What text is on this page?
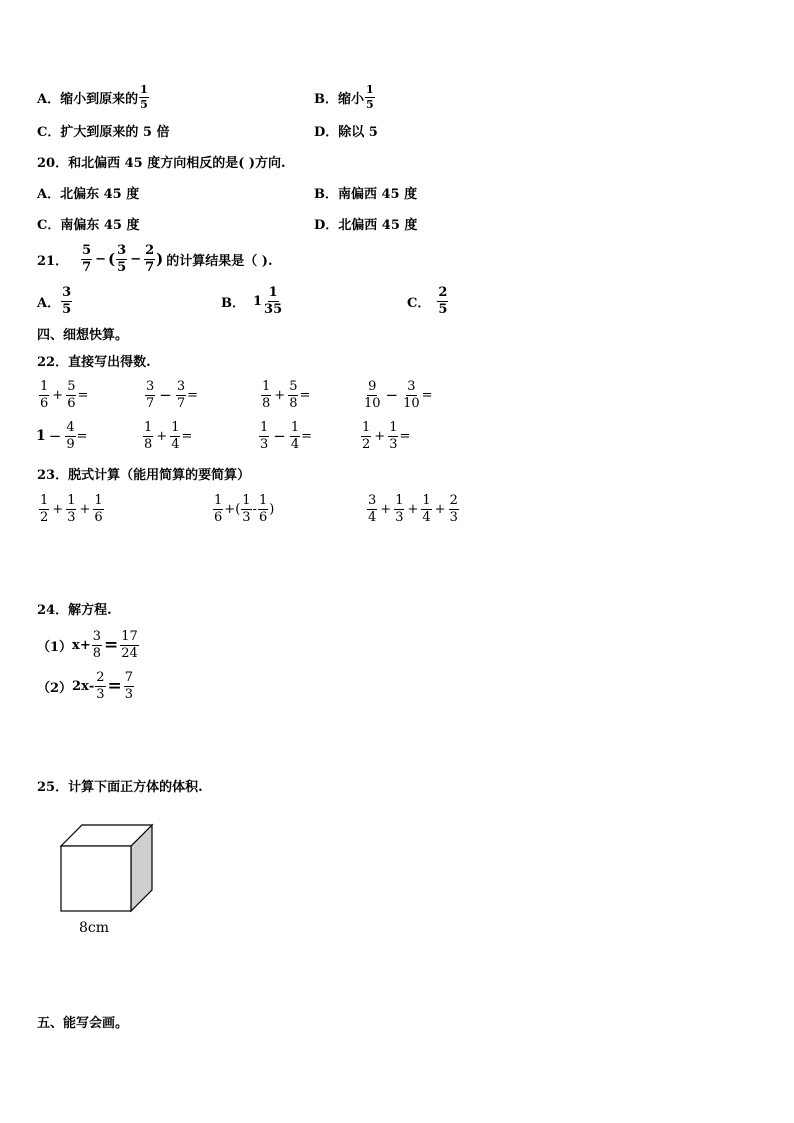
A． 缩小到原来的 $\frac{1}{5}$	B． 缩小 $\frac{1}{5}$
C．扩大到原来的 5 倍	D．除以 5
20．和北偏西 45 度方向相反的是( )方向.
A．北偏东 45 度	B．南偏西 45 度
C．南偏东 45 度	D．北偏西 45 度
21． $\frac{5}{7}$ − ( $\frac{3}{5} - \frac{2}{7}$ ) 的计算结果是（ ).
A． $\frac{3}{5}$	B． $1 \frac{1}{35}$	C． $\frac{2}{5}$
四、细想快算。
22．直接写出得数.
$\frac{1}{6} + \frac{5}{6}$ =	$\frac{3}{7} - \frac{3}{7}$ =	$\frac{1}{8} + \frac{5}{8}$ =	$\frac{9}{10} - \frac{3}{10}$ =
$1 - \frac{4}{9}$ =	$\frac{1}{8} + \frac{1}{4}$ =	$\frac{1}{3} - \frac{1}{4}$ =	$\frac{1}{2} + \frac{1}{3}$ =
23．脱式计算（能用简算的要简算）
$\frac{1}{2} + \frac{1}{3} + \frac{1}{6}$	$\frac{1}{6}$ + ( $\frac{1}{3} - \frac{1}{6}$ )	$\frac{3}{4} + \frac{1}{3} + \frac{1}{4} + \frac{2}{3}$
24．解方程.
（1） $x + \frac{3}{8} = \frac{17}{24}$
（2） $2x - \frac{2}{3} = \frac{7}{3}$
25．计算下面正方体的体积.
8cm
五、能写会画。
